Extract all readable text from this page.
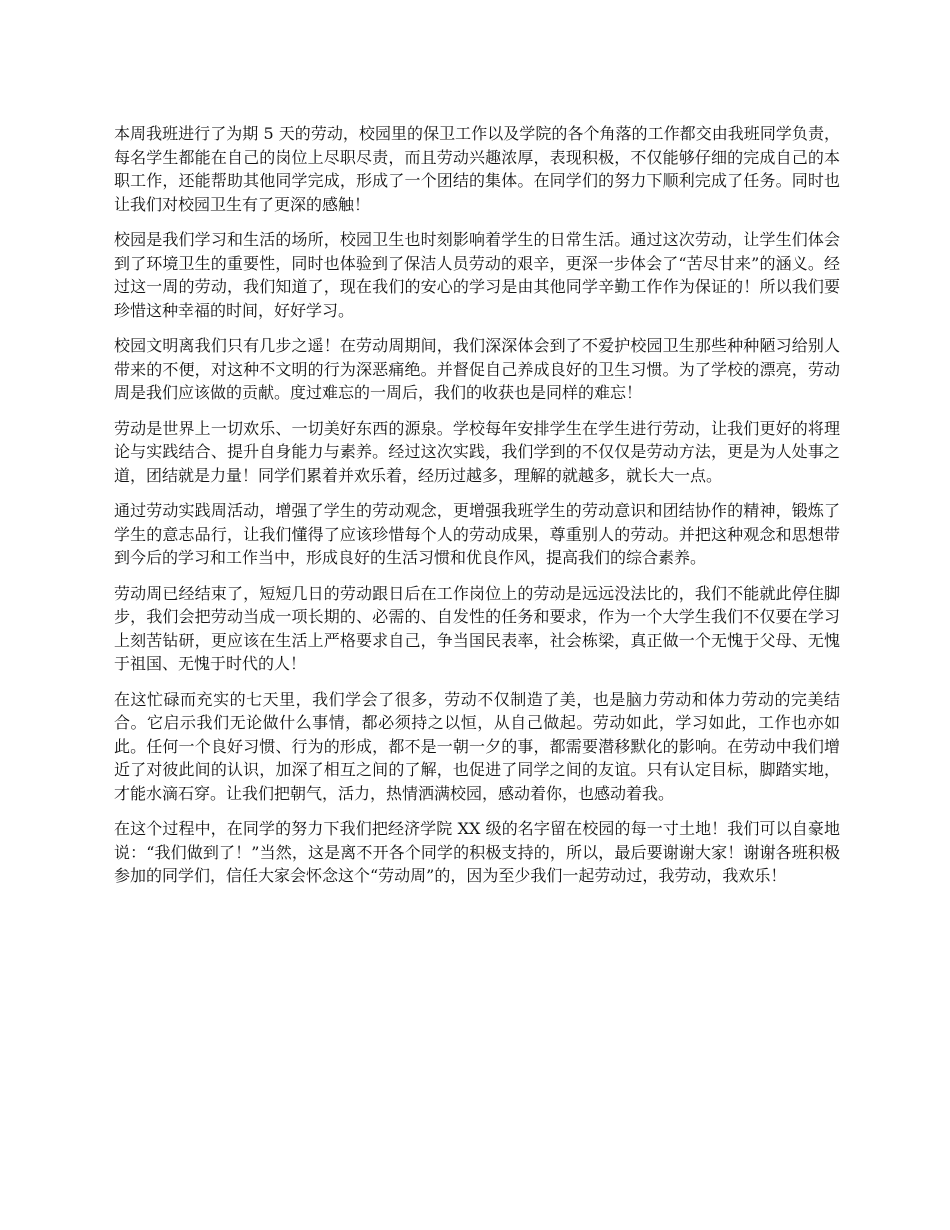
本周我班进行了为期 5 天的劳动，校园里的保卫工作以及学院的各个角落的工作都交由我班同学负责，每名学生都能在自己的岗位上尽职尽责，而且劳动兴趣浓厚，表现积极，不仅能够仔细的完成自己的本职工作，还能帮助其他同学完成，形成了一个团结的集体。在同学们的努力下顺利完成了任务。同时也让我们对校园卫生有了更深的感触！

校园是我们学习和生活的场所，校园卫生也时刻影响着学生的日常生活。通过这次劳动，让学生们体会到了环境卫生的重要性，同时也体验到了保洁人员劳动的艰辛，更深一步体会了“苦尽甘来”的涵义。经过这一周的劳动，我们知道了，现在我们的安心的学习是由其他同学辛勤工作作为保证的！所以我们要珍惜这种幸福的时间，好好学习。

校园文明离我们只有几步之遥！在劳动周期间，我们深深体会到了不爱护校园卫生那些种种陋习给别人带来的不便，对这种不文明的行为深恶痛绝。并督促自己养成良好的卫生习惯。为了学校的漂亮，劳动周是我们应该做的贡献。度过难忘的一周后，我们的收获也是同样的难忘！

劳动是世界上一切欢乐、一切美好东西的源泉。学校每年安排学生在学生进行劳动，让我们更好的将理论与实践结合、提升自身能力与素养。经过这次实践，我们学到的不仅仅是劳动方法，更是为人处事之道，团结就是力量！同学们累着并欢乐着，经历过越多，理解的就越多，就长大一点。

通过劳动实践周活动，增强了学生的劳动观念，更增强我班学生的劳动意识和团结协作的精神，锻炼了学生的意志品行，让我们懂得了应该珍惜每个人的劳动成果，尊重别人的劳动。并把这种观念和思想带到今后的学习和工作当中，形成良好的生活习惯和优良作风，提高我们的综合素养。

劳动周已经结束了，短短几日的劳动跟日后在工作岗位上的劳动是远远没法比的，我们不能就此停住脚步，我们会把劳动当成一项长期的、必需的、自发性的任务和要求，作为一个大学生我们不仅要在学习上刻苦钻研，更应该在生活上严格要求自己，争当国民表率，社会栋梁，真正做一个无愧于父母、无愧于祖国、无愧于时代的人！

在这忙碌而充实的七天里，我们学会了很多，劳动不仅制造了美，也是脑力劳动和体力劳动的完美结合。它启示我们无论做什么事情，都必须持之以恒，从自己做起。劳动如此，学习如此，工作也亦如此。任何一个良好习惯、行为的形成，都不是一朝一夕的事，都需要潜移默化的影响。在劳动中我们增近了对彼此间的认识，加深了相互之间的了解，也促进了同学之间的友谊。只有认定目标，脚踏实地，才能水滴石穿。让我们把朝气，活力，热情洒满校园，感动着你，也感动着我。

在这个过程中，在同学的努力下我们把经济学院 XX 级的名字留在校园的每一寸土地！我们可以自豪地说：“我们做到了！”当然，这是离不开各个同学的积极支持的，所以，最后要谢谢大家！谢谢各班积极参加的同学们，信任大家会怀念这个“劳动周”的，因为至少我们一起劳动过，我劳动，我欢乐！
